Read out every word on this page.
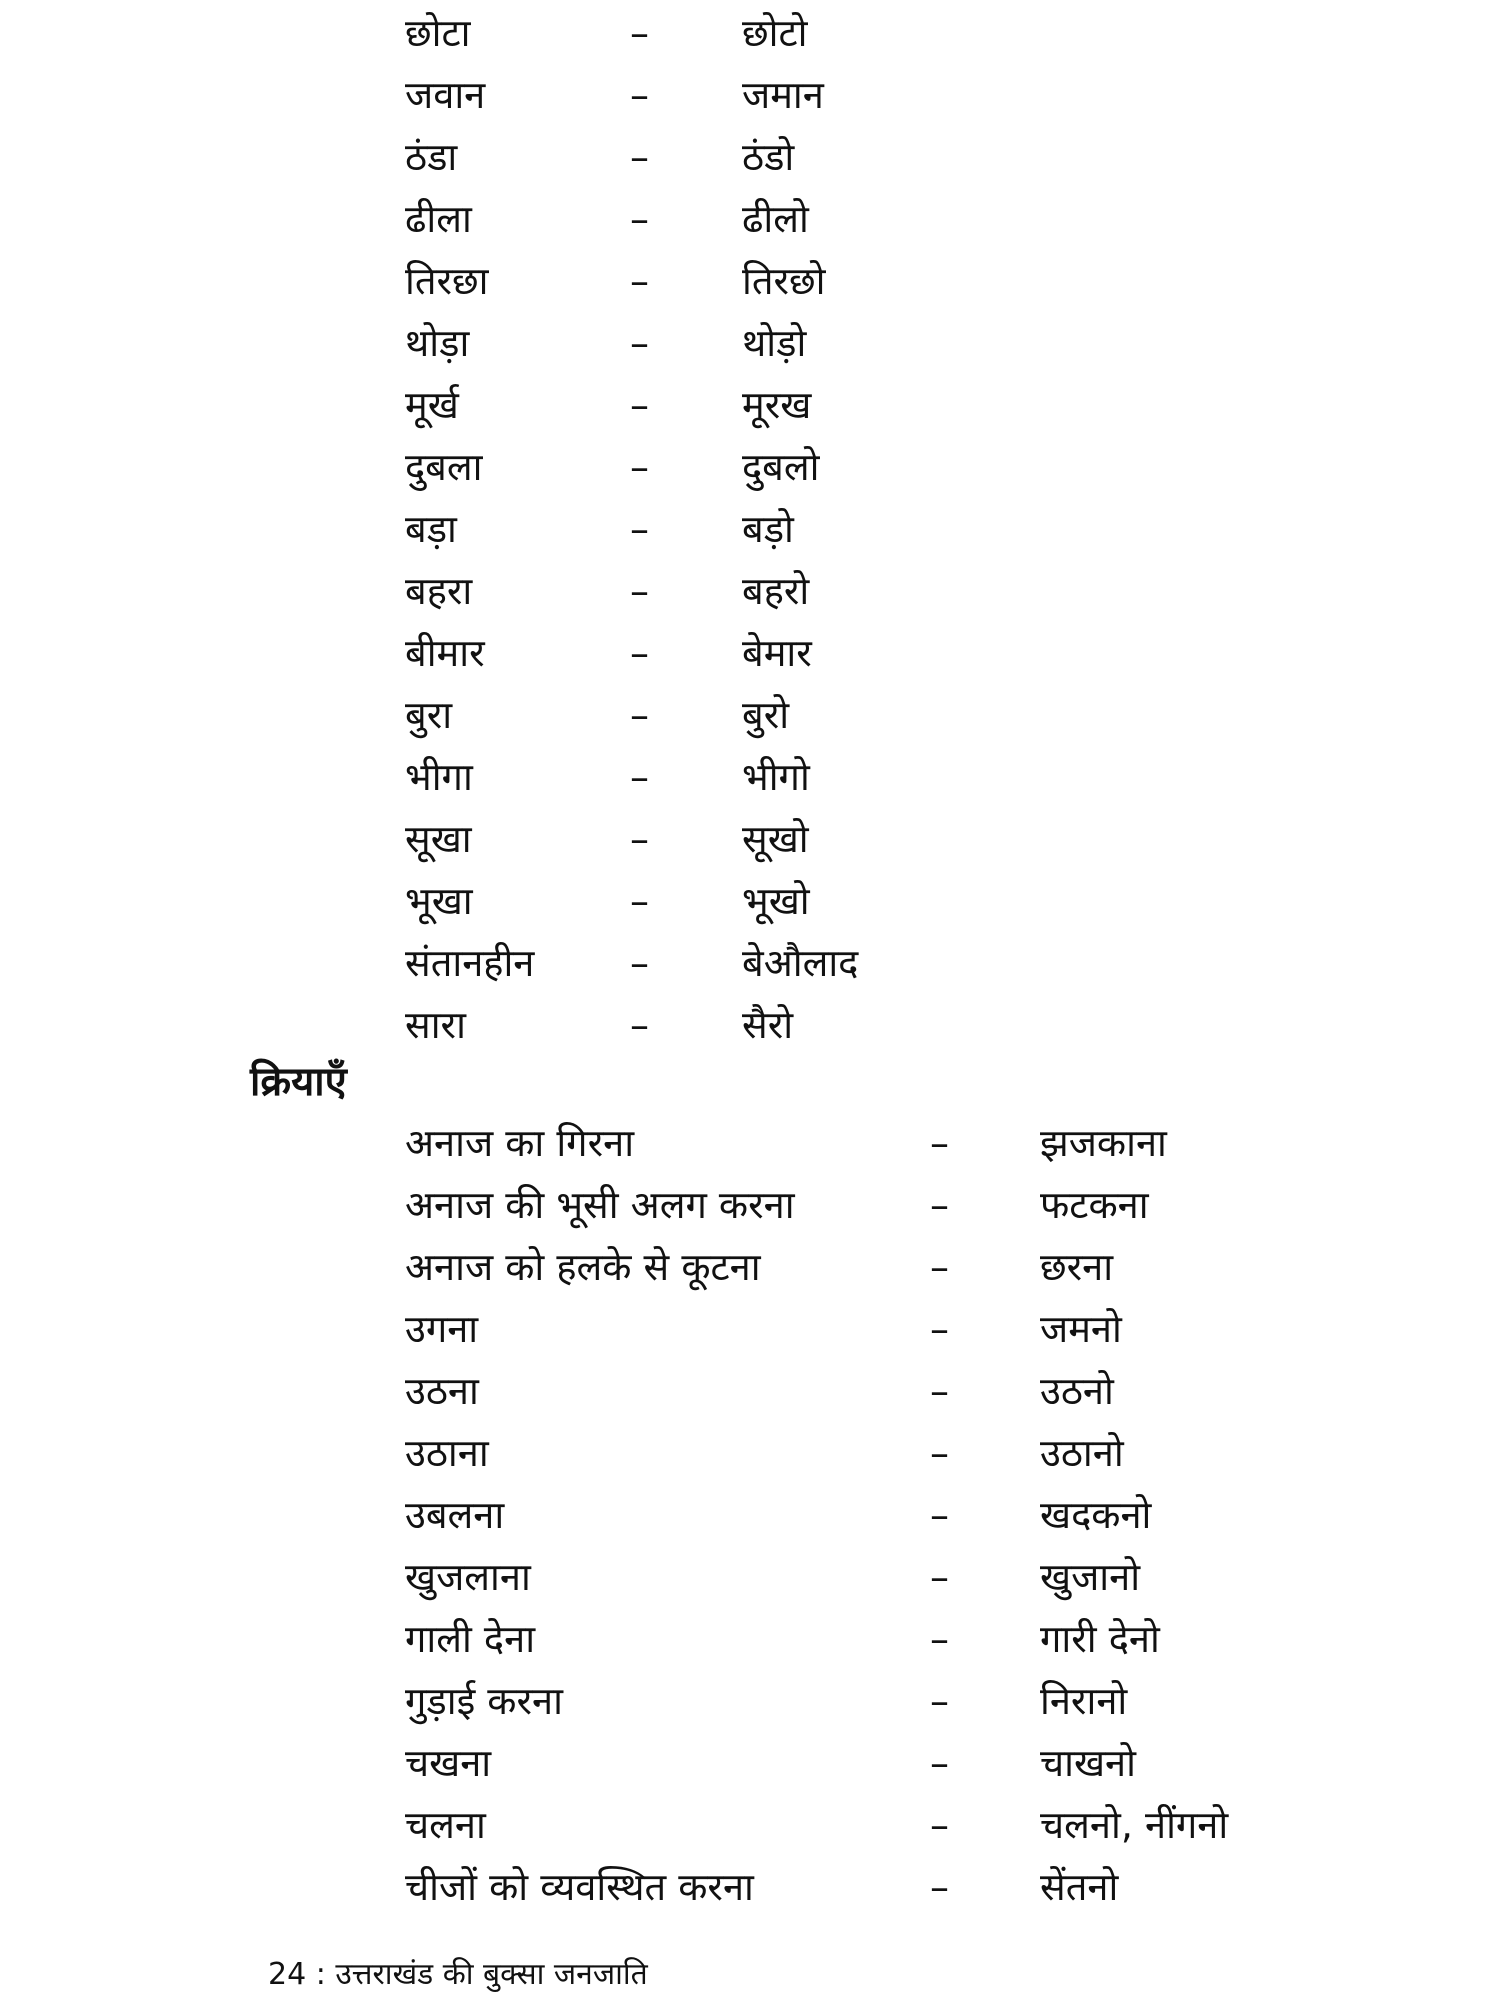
छोटा	– छोटो
जवान	– जमान
ठंडा	– ठंडो
ढीला	– ढीलो
तिरछा	– तिरछो
थोड़ा	– थोड़ो
मूर्ख	– मूरख
दुबला	– दुबलो
बड़ा	– बड़ो
बहरा	– बहरो
बीमार	– बेमार
बुरा	– बुरो
भीगा	– भीगो
सूखा	– सूखो
भूखा	– भूखो
संतानहीन	– बेऔलाद
सारा	– सैरो
क्रियाएँ
अनाज का गिरना	– झजकाना
अनाज की भूसी अलग करना	– फटकना
अनाज को हलके से कूटना	– छरना
उगना	– जमनो
उठना	– उठनो
उठाना	– उठानो
उबलना	– खदकनो
खुजलाना	– खुजानो
गाली देना	– गारी देनो
गुड़ाई करना	– निरानो
चखना	– चाखनो
चलना	– चलनो, नींगनो
चीजों को व्यवस्थित करना	– सेंतनो
24 : उत्तराखंड की बुक्सा जनजाति
